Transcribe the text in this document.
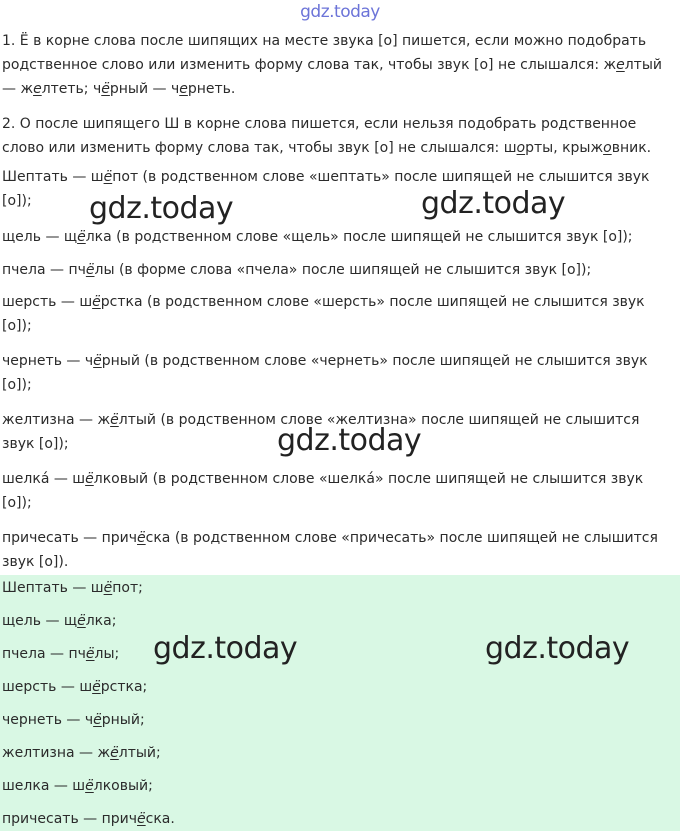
gdz.today
1. Ё в корне слова после шипящих на месте звука [о] пишется, если можно подобрать родственное слово или изменить форму слова так, чтобы звук [о] не слышался: желтый — желтеть; чёрный — чернеть.
2. О после шипящего Ш в корне слова пишется, если нельзя подобрать родственное слово или изменить форму слова так, чтобы звук [о] не слышался: шорты, крыжовник.
Шептать — шёпот (в родственном слове «шептать» после шипящей не слышится звук [о]);
щель — щёлка (в родственном слове «щель» после шипящей не слышится звук [о]);
пчела — пчёлы (в форме слова «пчела» после шипящей не слышится звук [о]);
шерсть — шёрстка (в родственном слове «шерсть» после шипящей не слышится звук [о]);
чернеть — чёрный (в родственном слове «чернеть» после шипящей не слышится звук [о]);
желтизна — жёлтый (в родственном слове «желтизна» после шипящей не слышится звук [о]);
шелка́ — шёлковый (в родственном слове «шелка́» после шипящей не слышится звук [о]);
причесать — причёска (в родственном слове «причесать» после шипящей не слышится звук [о]).
Шептать — шёпот;
щель — щёлка;
пчела — пчёлы;
шерсть — шёрстка;
чернеть — чёрный;
желтизна — жёлтый;
шелка — шёлковый;
причесать — причёска.
gdz.today	gdz.today
gdz.today
gdz.today	gdz.today
